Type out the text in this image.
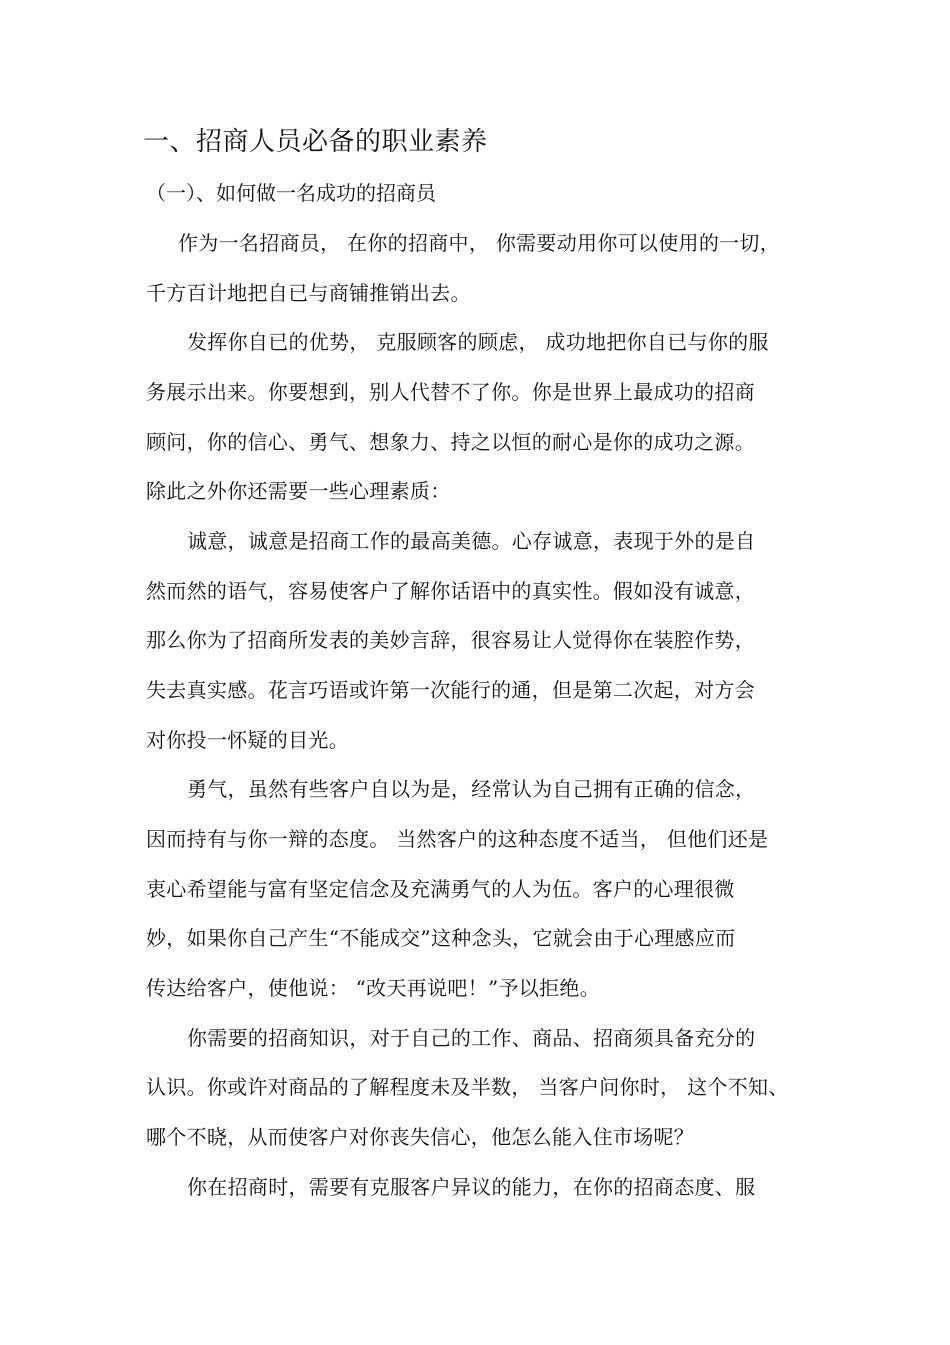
一、招商人员必备的职业素养
（一）、如何做一名成功的招商员
作为一名招商员， 在你的招商中， 你需要动用你可以使用的一切，
千方百计地把自已与商铺推销出去。
发挥你自已的优势， 克服顾客的顾虑， 成功地把你自已与你的服
务展示出来。你要想到，别人代替不了你。你是世界上最成功的招商
顾问，你的信心、勇气、想象力、持之以恒的耐心是你的成功之源。
除此之外你还需要一些心理素质：
诚意，诚意是招商工作的最高美德。心存诚意，表现于外的是自
然而然的语气，容易使客户了解你话语中的真实性。假如没有诚意，
那么你为了招商所发表的美妙言辞，很容易让人觉得你在装腔作势，
失去真实感。花言巧语或许第一次能行的通，但是第二次起，对方会
对你投一怀疑的目光。
勇气，虽然有些客户自以为是，经常认为自己拥有正确的信念，
因而持有与你一辩的态度。 当然客户的这种态度不适当， 但他们还是
衷心希望能与富有坚定信念及充满勇气的人为伍。客户的心理很微
妙，如果你自己产生“不能成交”这种念头，它就会由于心理感应而
传达给客户，使他说： “改天再说吧！”予以拒绝。
你需要的招商知识，对于自己的工作、商品、招商须具备充分的
认识。你或许对商品的了解程度未及半数， 当客户问你时， 这个不知、
哪个不晓，从而使客户对你丧失信心，他怎么能入住市场呢？
你在招商时，需要有克服客户异议的能力，在你的招商态度、服
